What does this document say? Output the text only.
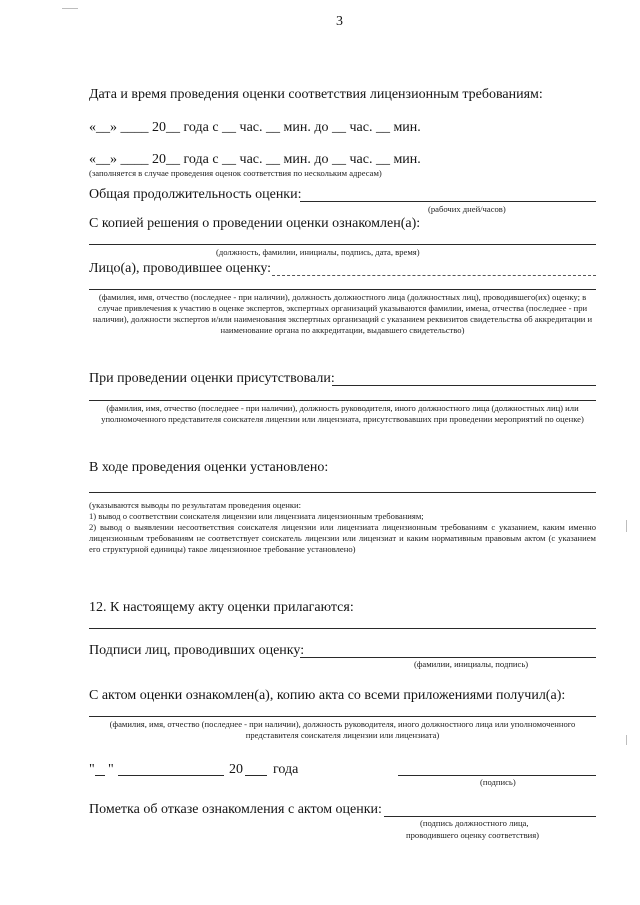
3
Дата и время проведения оценки соответствия лицензионным требованиям:
«__» ____ 20__ года с __ час. __ мин. до __ час. __ мин.
«__» ____ 20__ года с __ час. __ мин. до __ час. __ мин.
(заполняется в случае проведения оценок соответствия по нескольким адресам)
Общая продолжительность оценки:
(рабочих дней/часов)
С копией решения о проведении оценки ознакомлен(а):
(должность, фамилии, инициалы, подпись, дата, время)
Лицо(а), проводившее оценку:
(фамилия, имя, отчество (последнее - при наличии), должность должностного лица (должностных лиц), проводившего(их) оценку; в случае привлечения к участию в оценке экспертов, экспертных организаций указываются фамилии, имена, отчества (последнее - при наличии), должности экспертов и/или наименования экспертных организаций с указанием реквизитов свидетельства об аккредитации и наименование органа по аккредитации, выдавшего свидетельство)
При проведении оценки присутствовали:
(фамилия, имя, отчество (последнее - при наличии), должность руководителя, иного должностного лица (должностных лиц) или уполномоченного представителя соискателя лицензии или лицензиата, присутствовавших при проведении мероприятий по оценке)
В ходе проведения оценки установлено:
(указываются выводы по результатам проведения оценки:
1) вывод о соответствии соискателя лицензии или лицензиата лицензионным требованиям;
2) вывод о выявлении несоответствия соискателя лицензии или лицензиата лицензионным требованиям с указанием, каким именно лицензионным требованиям не соответствует соискатель лицензии или лицензиат и каким нормативным правовым актом (с указанием его структурной единицы) такое лицензионное требование установлено)
12. К настоящему акту оценки прилагаются:
Подписи лиц, проводивших оценку:
(фамилии, инициалы, подпись)
С актом оценки ознакомлен(а), копию акта со всеми приложениями получил(а):
(фамилия, имя, отчество (последнее - при наличии), должность руководителя, иного должностного лица или уполномоченного представителя соискателя лицензии или лицензиата)
" "	20 года
(подпись)
Пометка об отказе ознакомления с актом оценки:
(подпись должностного лица,
проводившего оценку соответствия)
